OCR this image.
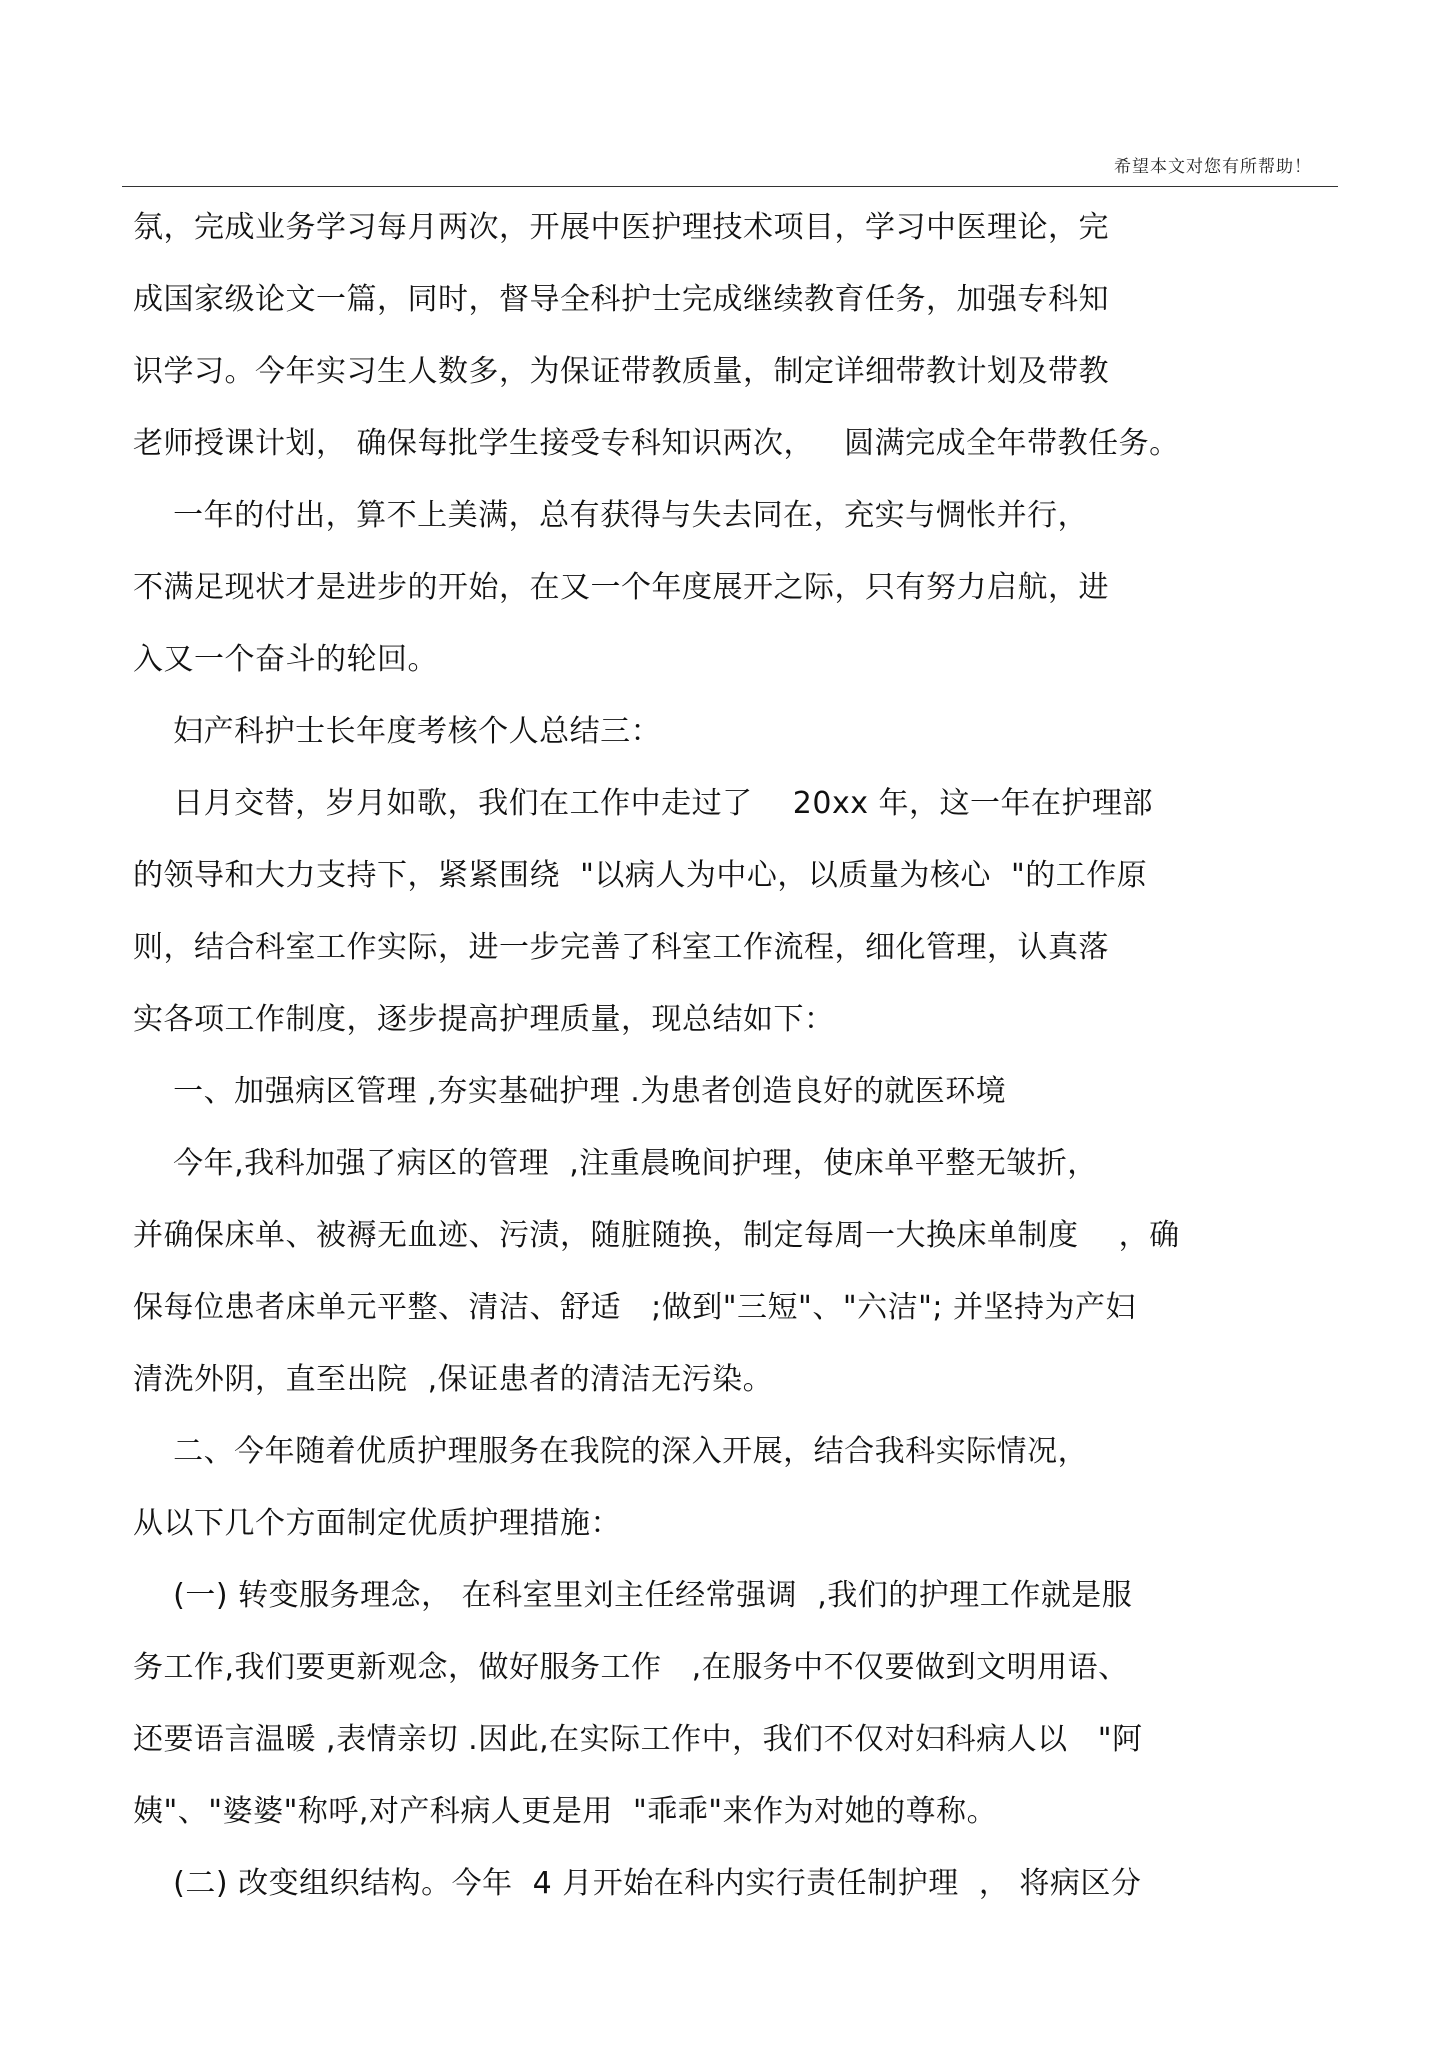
希望本文对您有所帮助！
氛，完成业务学习每月两次，开展中医护理技术项目，学习中医理论，完
成国家级论文一篇，同时，督导全科护士完成继续教育任务，加强专科知
识学习。今年实习生人数多，为保证带教质量，制定详细带教计划及带教
老师授课计划， 确保每批学生接受专科知识两次，   圆满完成全年带教任务。
一年的付出，算不上美满，总有获得与失去同在，充实与惆怅并行，
不满足现状才是进步的开始，在又一个年度展开之际，只有努力启航，进
入又一个奋斗的轮回。
妇产科护士长年度考核个人总结三：
日月交替，岁月如歌，我们在工作中走过了    20xx 年，这一年在护理部
的领导和大力支持下，紧紧围绕  "以病人为中心，以质量为核心  "的工作原
则，结合科室工作实际，进一步完善了科室工作流程，细化管理，认真落
实各项工作制度，逐步提高护理质量，现总结如下：
一、加强病区管理 ,夯实基础护理 .为患者创造良好的就医环境
今年,我科加强了病区的管理  ,注重晨晚间护理，使床单平整无皱折，
并确保床单、被褥无血迹、污渍，随脏随换，制定每周一大换床单制度    ，确
保每位患者床单元平整、清洁、舒适   ;做到"三短"、"六洁"; 并坚持为产妇
清洗外阴，直至出院  ,保证患者的清洁无污染。
二、今年随着优质护理服务在我院的深入开展，结合我科实际情况，
从以下几个方面制定优质护理措施：
(一) 转变服务理念， 在科室里刘主任经常强调  ,我们的护理工作就是服
务工作,我们要更新观念，做好服务工作   ,在服务中不仅要做到文明用语、
还要语言温暖 ,表情亲切 .因此,在实际工作中，我们不仅对妇科病人以   "阿
姨"、"婆婆"称呼,对产科病人更是用  "乖乖"来作为对她的尊称。
(二) 改变组织结构。今年  4 月开始在科内实行责任制护理  ， 将病区分
